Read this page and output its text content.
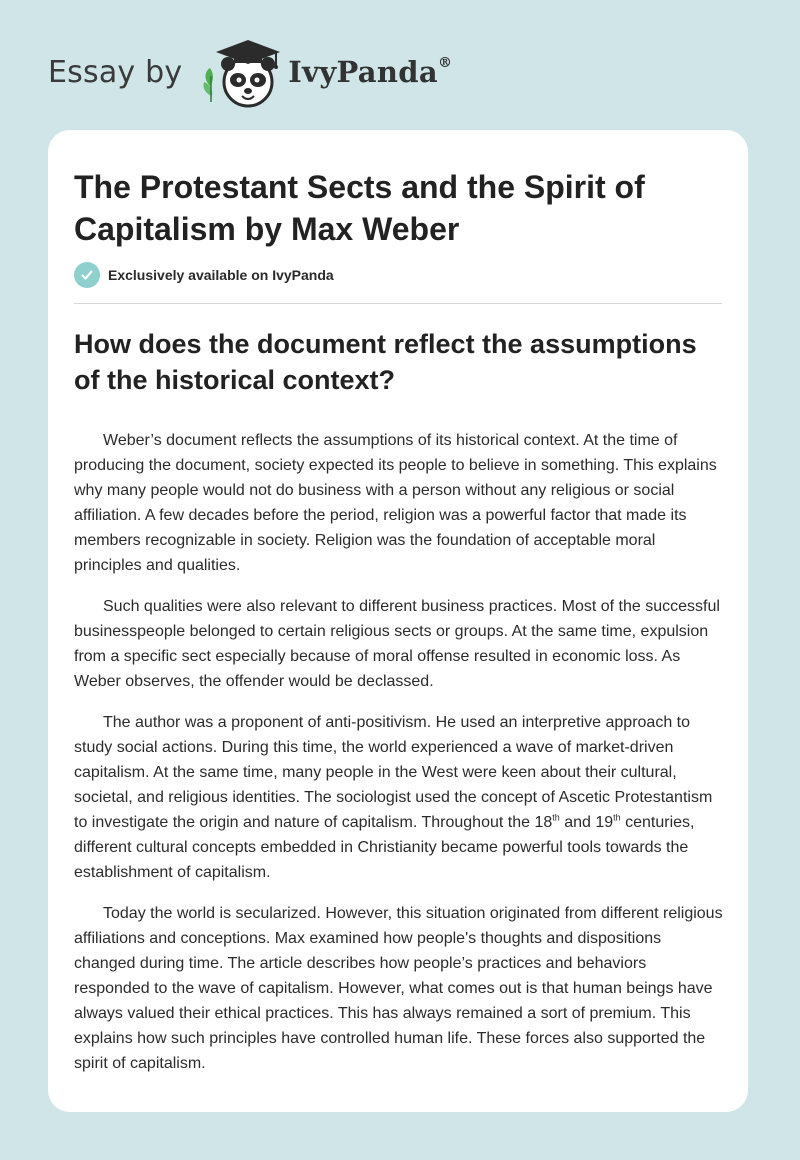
Essay by	IvyPanda®
The Protestant Sects and the Spirit of Capitalism by Max Weber
Exclusively available on IvyPanda
How does the document reflect the assumptions of the historical context?

Weber’s document reflects the assumptions of its historical context. At the time of producing the document, society expected its people to believe in something. This explains why many people would not do business with a person without any religious or social affiliation. A few decades before the period, religion was a powerful factor that made its members recognizable in society. Religion was the foundation of acceptable moral principles and qualities.

Such qualities were also relevant to different business practices. Most of the successful businesspeople belonged to certain religious sects or groups. At the same time, expulsion from a specific sect especially because of moral offense resulted in economic loss. As Weber observes, the offender would be declassed.

The author was a proponent of anti-positivism. He used an interpretive approach to study social actions. During this time, the world experienced a wave of market-driven capitalism. At the same time, many people in the West were keen about their cultural, societal, and religious identities. The sociologist used the concept of Ascetic Protestantism to investigate the origin and nature of capitalism. Throughout the 18th and 19th centuries, different cultural concepts embedded in Christianity became powerful tools towards the establishment of capitalism.

Today the world is secularized. However, this situation originated from different religious affiliations and conceptions. Max examined how people's thoughts and dispositions changed during time. The article describes how people’s practices and behaviors responded to the wave of capitalism. However, what comes out is that human beings have always valued their ethical practices. This has always remained a sort of premium. This explains how such principles have controlled human life. These forces also supported the spirit of capitalism.
